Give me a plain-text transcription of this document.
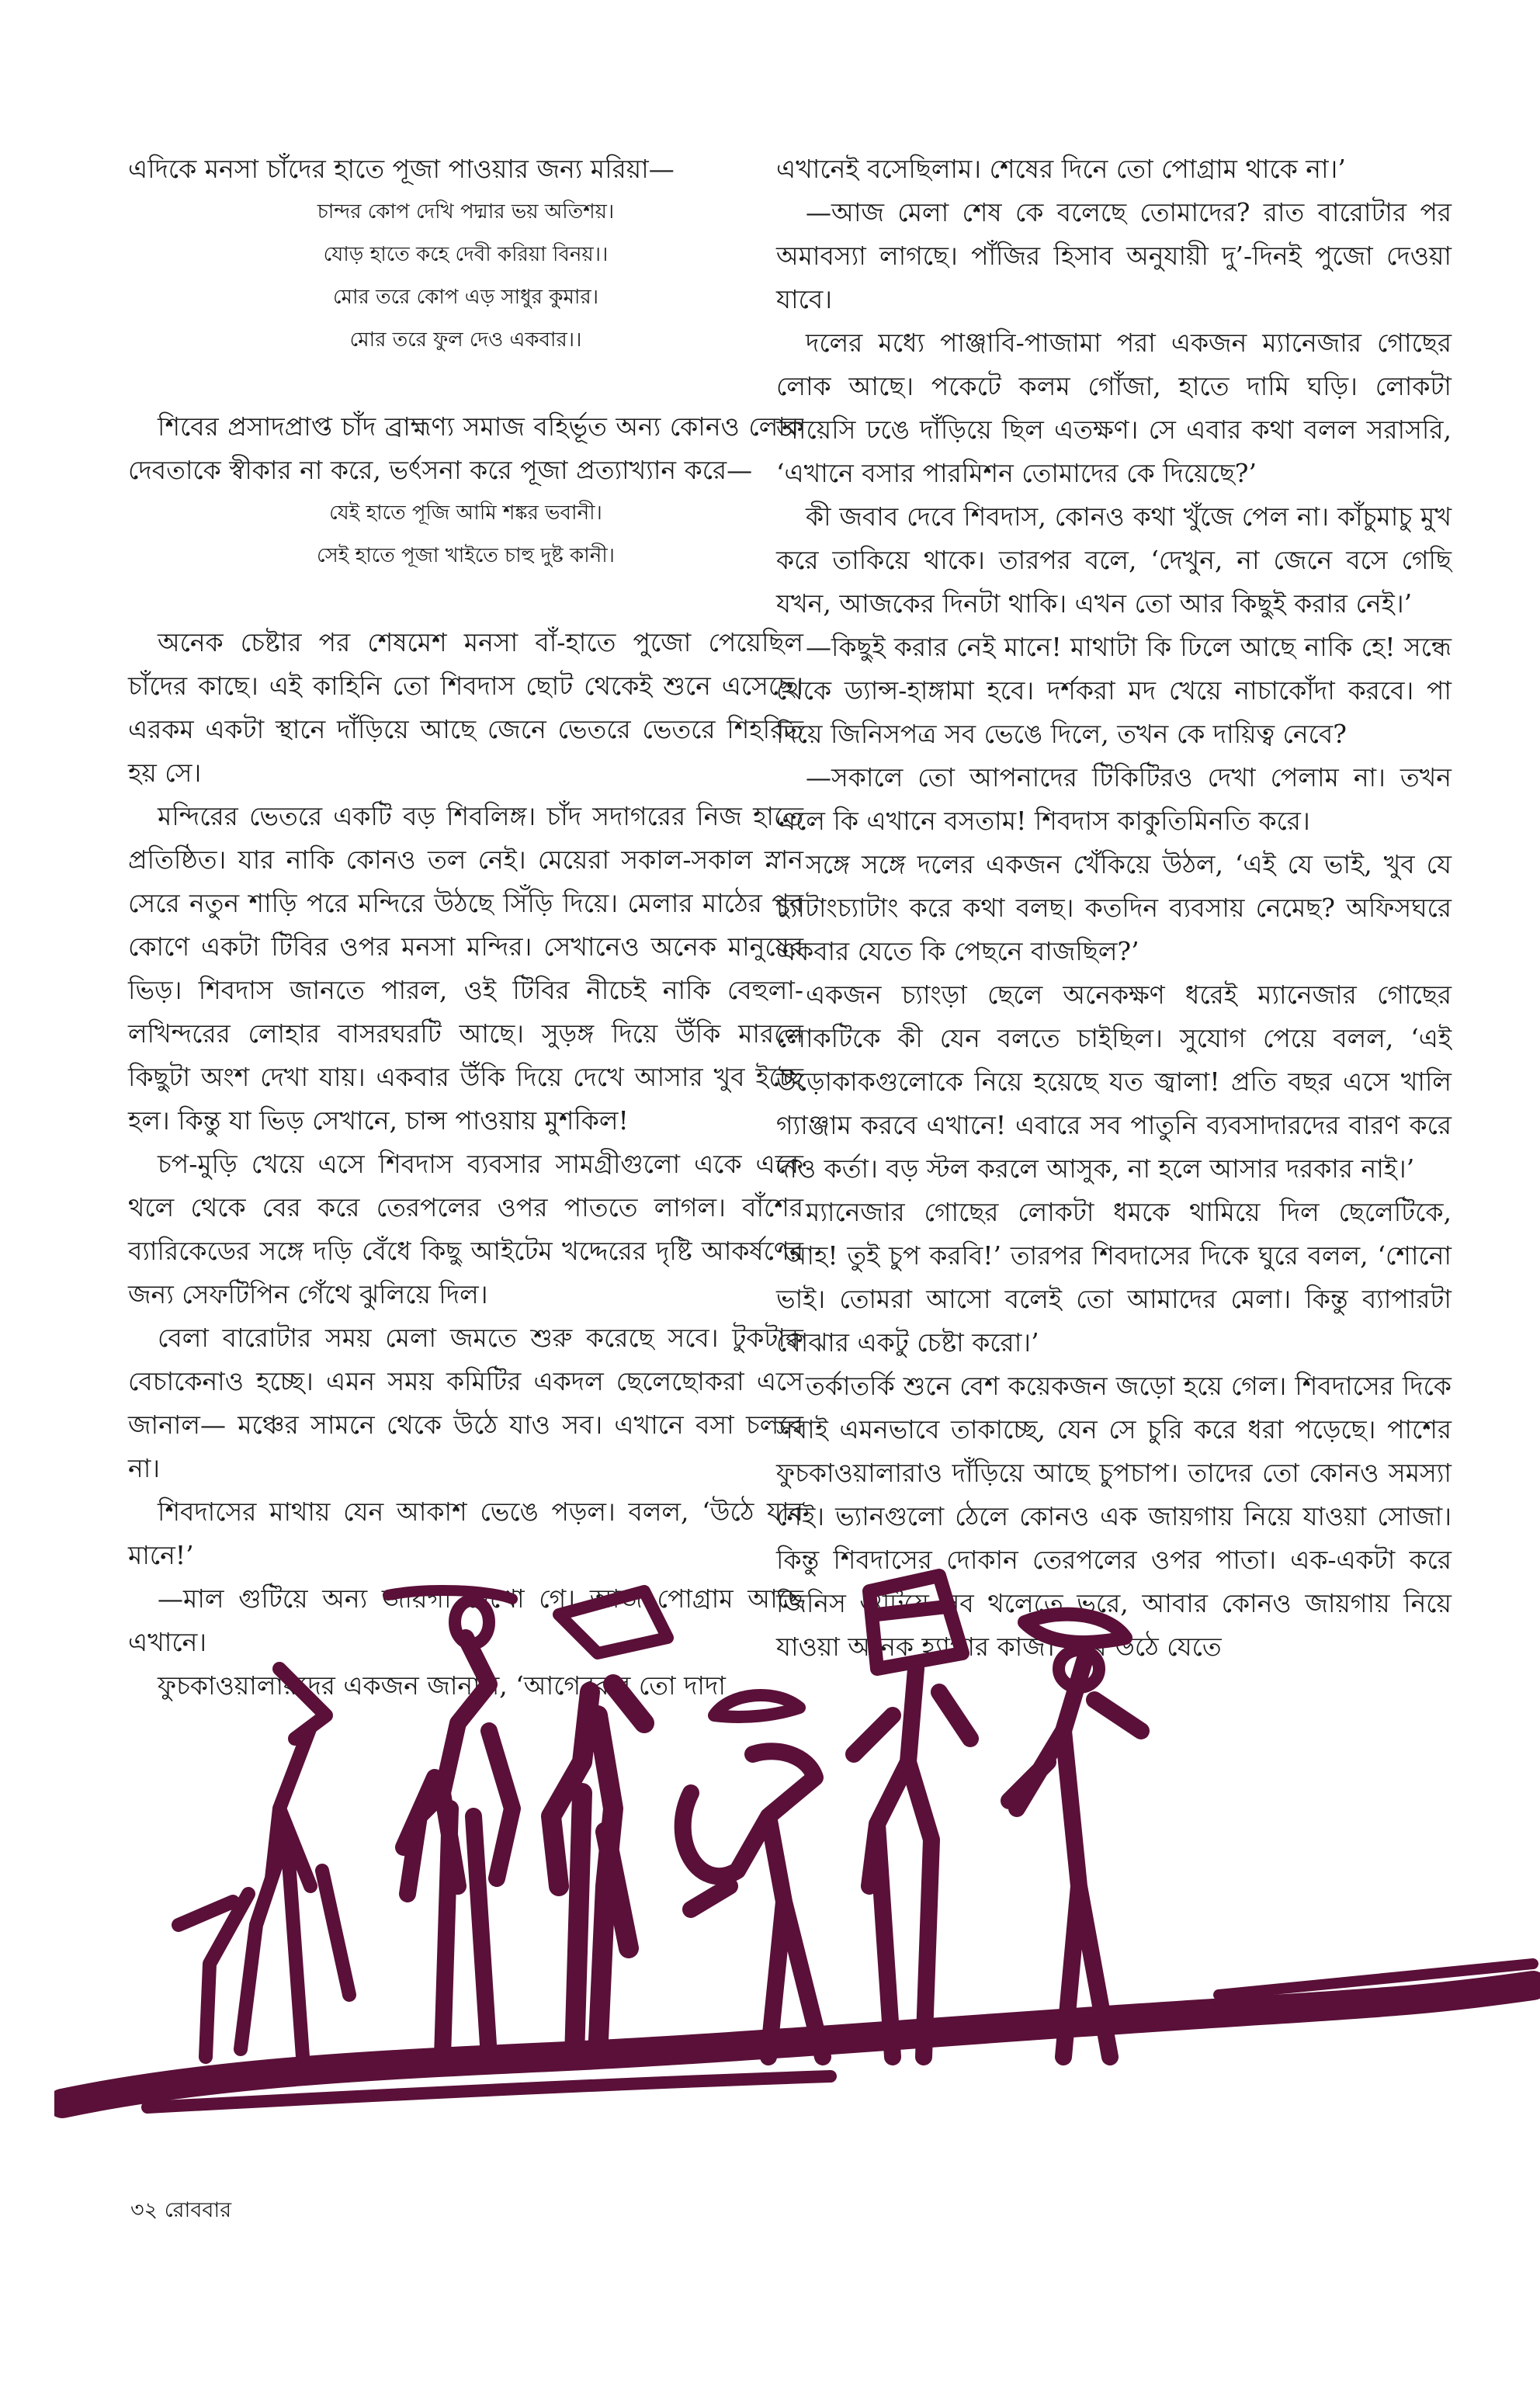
এদিকে মনসা চাঁদের হাতে পূজা পাওয়ার জন্য মরিয়া—

চান্দর কোপ দেখি পদ্মার ভয় অতিশয়।

যোড় হাতে কহে দেবী করিয়া বিনয়।।

মোর তরে কোপ এড় সাধুর কুমার।

মোর তরে ফুল দেও একবার।।

শিবের প্রসাদপ্রাপ্ত চাঁদ ব্রাহ্মণ্য সমাজ বহির্ভূত অন্য কোনও লোক দেবতাকে স্বীকার না করে, ভর্ৎসনা করে পূজা প্রত্যাখ্যান করে—

যেই হাতে পূজি আমি শঙ্কর ভবানী।

সেই হাতে পূজা খাইতে চাহু দুষ্ট কানী।

অনেক চেষ্টার পর শেষমেশ মনসা বাঁ-হাতে পুজো পেয়েছিল চাঁদের কাছে। এই কাহিনি তো শিবদাস ছোট থেকেই শুনে এসেছে। এরকম একটা স্থানে দাঁড়িয়ে আছে জেনে ভেতরে ভেতরে শিহরিত হয় সে।

মন্দিরের ভেতরে একটি বড় শিবলিঙ্গ। চাঁদ সদাগরের নিজ হাতে প্রতিষ্ঠিত। যার নাকি কোনও তল নেই। মেয়েরা সকাল-সকাল স্নান সেরে নতুন শাড়ি পরে মন্দিরে উঠছে সিঁড়ি দিয়ে। মেলার মাঠের পুব কোণে একটা টিবির ওপর মনসা মন্দির। সেখানেও অনেক মানুষের ভিড়। শিবদাস জানতে পারল, ওই টিবির নীচেই নাকি বেহুলা-লখিন্দরের লোহার বাসরঘরটি আছে। সুড়ঙ্গ দিয়ে উঁকি মারলে কিছুটা অংশ দেখা যায়। একবার উঁকি দিয়ে দেখে আসার খুব ইচ্ছে হল। কিন্তু যা ভিড় সেখানে, চান্স পাওয়ায় মুশকিল!

চপ-মুড়ি খেয়ে এসে শিবদাস ব্যবসার সামগ্রীগুলো একে একে থলে থেকে বের করে তেরপলের ওপর পাততে লাগল। বাঁশের ব্যারিকেডের সঙ্গে দড়ি বেঁধে কিছু আইটেম খদ্দেরের দৃষ্টি আকর্ষণের জন্য সেফটিপিন গেঁথে ঝুলিয়ে দিল।

বেলা বারোটার সময় মেলা জমতে শুরু করেছে সবে। টুকটাক বেচাকেনাও হচ্ছে। এমন সময় কমিটির একদল ছেলেছোকরা এসে জানাল— মঞ্চের সামনে থেকে উঠে যাও সব। এখানে বসা চলবে না।

শিবদাসের মাথায় যেন আকাশ ভেঙে পড়ল। বলল, ‘উঠে যাব মানে!’

—মাল গুটিয়ে অন্য জায়গা দেখো গে। আজ পোগ্রাম আছে এখানে।

ফুচকাওয়ালারদের একজন জানাল, ‘আগেরবার তো দাদা

এখানেই বসেছিলাম। শেষের দিনে তো পোগ্রাম থাকে না।’

—আজ মেলা শেষ কে বলেছে তোমাদের? রাত বারোটার পর অমাবস্যা লাগছে। পাঁজির হিসাব অনুযায়ী দু’-দিনই পুজো দেওয়া যাবে।

দলের মধ্যে পাঞ্জাবি-পাজামা পরা একজন ম্যানেজার গোছের লোক আছে। পকেটে কলম গোঁজা, হাতে দামি ঘড়ি। লোকটা আয়েসি ঢঙে দাঁড়িয়ে ছিল এতক্ষণ। সে এবার কথা বলল সরাসরি, ‘এখানে বসার পারমিশন তোমাদের কে দিয়েছে?’

কী জবাব দেবে শিবদাস, কোনও কথা খুঁজে পেল না। কাঁচুমাচু মুখ করে তাকিয়ে থাকে। তারপর বলে, ‘দেখুন, না জেনে বসে গেছি যখন, আজকের দিনটা থাকি। এখন তো আর কিছুই করার নেই।’

—কিছুই করার নেই মানে! মাথাটা কি ঢিলে আছে নাকি হে! সন্ধে থেকে ড্যান্স-হাঙ্গামা হবে। দর্শকরা মদ খেয়ে নাচাকোঁদা করবে। পা দিয়ে জিনিসপত্র সব ভেঙে দিলে, তখন কে দায়িত্ব নেবে?

—সকালে তো আপনাদের টিকিটিরও দেখা পেলাম না। তখন এলে কি এখানে বসতাম! শিবদাস কাকুতিমিনতি করে।

সঙ্গে সঙ্গে দলের একজন খেঁকিয়ে উঠল, ‘এই যে ভাই, খুব যে চ্যাটাংচ্যাটাং করে কথা বলছ। কতদিন ব্যবসায় নেমেছ? অফিসঘরে একবার যেতে কি পেছনে বাজছিল?’

একজন চ্যাংড়া ছেলে অনেকক্ষণ ধরেই ম্যানেজার গোছের লোকটিকে কী যেন বলতে চাইছিল। সুযোগ পেয়ে বলল, ‘এই উড়োকাকগুলোকে নিয়ে হয়েছে যত জ্বালা! প্রতি বছর এসে খালি গ্যাঞ্জাম করবে এখানে! এবারে সব পাতুনি ব্যবসাদারদের বারণ করে দাও কর্তা। বড় স্টল করলে আসুক, না হলে আসার দরকার নাই।’

ম্যানেজার গোছের লোকটা ধমকে থামিয়ে দিল ছেলেটিকে, ‘আহ! তুই চুপ করবি!’ তারপর শিবদাসের দিকে ঘুরে বলল, ‘শোনো ভাই। তোমরা আসো বলেই তো আমাদের মেলা। কিন্তু ব্যাপারটা বোঝার একটু চেষ্টা করো।’

তর্কাতর্কি শুনে বেশ কয়েকজন জড়ো হয়ে গেল। শিবদাসের দিকে সবাই এমনভাবে তাকাচ্ছে, যেন সে চুরি করে ধরা পড়েছে। পাশের ফুচকাওয়ালারাও দাঁড়িয়ে আছে চুপচাপ। তাদের তো কোনও সমস্যা নেই। ভ্যানগুলো ঠেলে কোনও এক জায়গায় নিয়ে যাওয়া সোজা। কিন্তু শিবদাসের দোকান তেরপলের ওপর পাতা। এক-একটা করে জিনিস গুটিয়ে সব থলেতে ভরে, আবার কোনও জায়গায় নিয়ে যাওয়া অনেক হ্যাপার কাজ। আর উঠে যেতে

৩২ রোববার
